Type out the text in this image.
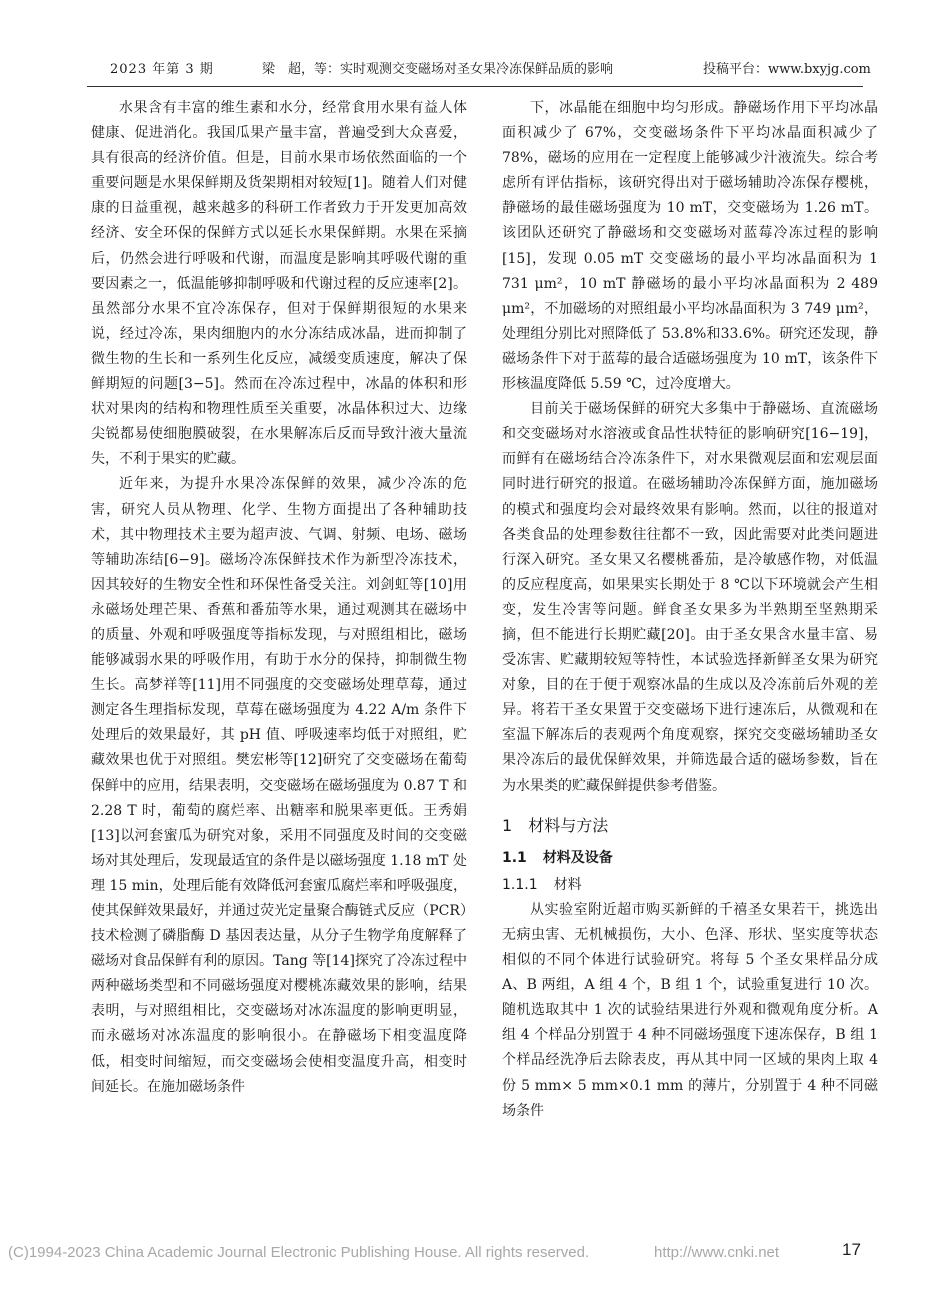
2023 年第 3 期	梁　超，等：实时观测交变磁场对圣女果冷冻保鲜品质的影响	投稿平台：www.bxyjg.com

水果含有丰富的维生素和水分，经常食用水果有益人体健康、促进消化。我国瓜果产量丰富，普遍受到大众喜爱，具有很高的经济价值。但是，目前水果市场依然面临的一个重要问题是水果保鲜期及货架期相对较短[1]。随着人们对健康的日益重视，越来越多的科研工作者致力于开发更加高效经济、安全环保的保鲜方式以延长水果保鲜期。水果在采摘后，仍然会进行呼吸和代谢，而温度是影响其呼吸代谢的重要因素之一，低温能够抑制呼吸和代谢过程的反应速率[2]。虽然部分水果不宜冷冻保存，但对于保鲜期很短的水果来说，经过冷冻，果肉细胞内的水分冻结成冰晶，进而抑制了微生物的生长和一系列生化反应，减缓变质速度，解决了保鲜期短的问题[3−5]。然而在冷冻过程中，冰晶的体积和形状对果肉的结构和物理性质至关重要，冰晶体积过大、边缘尖锐都易使细胞膜破裂，在水果解冻后反而导致汁液大量流失，不利于果实的贮藏。

近年来，为提升水果冷冻保鲜的效果，减少冷冻的危害，研究人员从物理、化学、生物方面提出了各种辅助技术，其中物理技术主要为超声波、气调、射频、电场、磁场等辅助冻结[6−9]。磁场冷冻保鲜技术作为新型冷冻技术，因其较好的生物安全性和环保性备受关注。刘剑虹等[10]用永磁场处理芒果、香蕉和番茄等水果，通过观测其在磁场中的质量、外观和呼吸强度等指标发现，与对照组相比，磁场能够减弱水果的呼吸作用，有助于水分的保持，抑制微生物生长。高梦祥等[11]用不同强度的交变磁场处理草莓，通过测定各生理指标发现，草莓在磁场强度为 4.22 A/m 条件下处理后的效果最好，其 pH 值、呼吸速率均低于对照组，贮藏效果也优于对照组。樊宏彬等[12]研究了交变磁场在葡萄保鲜中的应用，结果表明，交变磁场在磁场强度为 0.87 T 和 2.28 T 时，葡萄的腐烂率、出糖率和脱果率更低。王秀娟[13]以河套蜜瓜为研究对象，采用不同强度及时间的交变磁场对其处理后，发现最适宜的条件是以磁场强度 1.18 mT 处理 15 min，处理后能有效降低河套蜜瓜腐烂率和呼吸强度，使其保鲜效果最好，并通过荧光定量聚合酶链式反应（PCR）技术检测了磷脂酶 D 基因表达量，从分子生物学角度解释了磁场对食品保鲜有利的原因。Tang 等[14]探究了冷冻过程中两种磁场类型和不同磁场强度对樱桃冻藏效果的影响，结果表明，与对照组相比，交变磁场对冰冻温度的影响更明显，而永磁场对冰冻温度的影响很小。在静磁场下相变温度降低，相变时间缩短，而交变磁场会使相变温度升高，相变时间延长。在施加磁场条件

下，冰晶能在细胞中均匀形成。静磁场作用下平均冰晶面积减少了 67%，交变磁场条件下平均冰晶面积减少了 78%，磁场的应用在一定程度上能够减少汁液流失。综合考虑所有评估指标，该研究得出对于磁场辅助冷冻保存樱桃，静磁场的最佳磁场强度为 10 mT，交变磁场为 1.26 mT。该团队还研究了静磁场和交变磁场对蓝莓冷冻过程的影响[15]，发现 0.05 mT 交变磁场的最小平均冰晶面积为 1 731 μm²，10 mT 静磁场的最小平均冰晶面积为 2 489 μm²，不加磁场的对照组最小平均冰晶面积为 3 749 μm²，处理组分别比对照降低了 53.8%和33.6%。研究还发现，静磁场条件下对于蓝莓的最合适磁场强度为 10 mT，该条件下形核温度降低 5.59 ℃，过冷度增大。

目前关于磁场保鲜的研究大多集中于静磁场、直流磁场和交变磁场对水溶液或食品性状特征的影响研究[16−19]，而鲜有在磁场结合冷冻条件下，对水果微观层面和宏观层面同时进行研究的报道。在磁场辅助冷冻保鲜方面，施加磁场的模式和强度均会对最终效果有影响。然而，以往的报道对各类食品的处理参数往往都不一致，因此需要对此类问题进行深入研究。圣女果又名樱桃番茄，是冷敏感作物，对低温的反应程度高，如果果实长期处于 8 ℃以下环境就会产生相变，发生冷害等问题。鲜食圣女果多为半熟期至坚熟期采摘，但不能进行长期贮藏[20]。由于圣女果含水量丰富、易受冻害、贮藏期较短等特性，本试验选择新鲜圣女果为研究对象，目的在于便于观察冰晶的生成以及冷冻前后外观的差异。将若干圣女果置于交变磁场下进行速冻后，从微观和在室温下解冻后的表观两个角度观察，探究交变磁场辅助圣女果冷冻后的最优保鲜效果，并筛选最合适的磁场参数，旨在为水果类的贮藏保鲜提供参考借鉴。

1 材料与方法
1.1 材料及设备
1.1.1 材料

从实验室附近超市购买新鲜的千禧圣女果若干，挑选出无病虫害、无机械损伤，大小、色泽、形状、坚实度等状态相似的不同个体进行试验研究。将每 5 个圣女果样品分成 A、B 两组，A 组 4 个，B 组 1 个，试验重复进行 10 次。随机选取其中 1 次的试验结果进行外观和微观角度分析。A 组 4 个样品分别置于 4 种不同磁场强度下速冻保存，B 组 1 个样品经洗净后去除表皮，再从其中同一区域的果肉上取 4 份 5 mm× 5 mm×0.1 mm 的薄片，分别置于 4 种不同磁场条件

(C)1994-2023 China Academic Journal Electronic Publishing House. All rights reserved.	http://www.cnki.net	17
